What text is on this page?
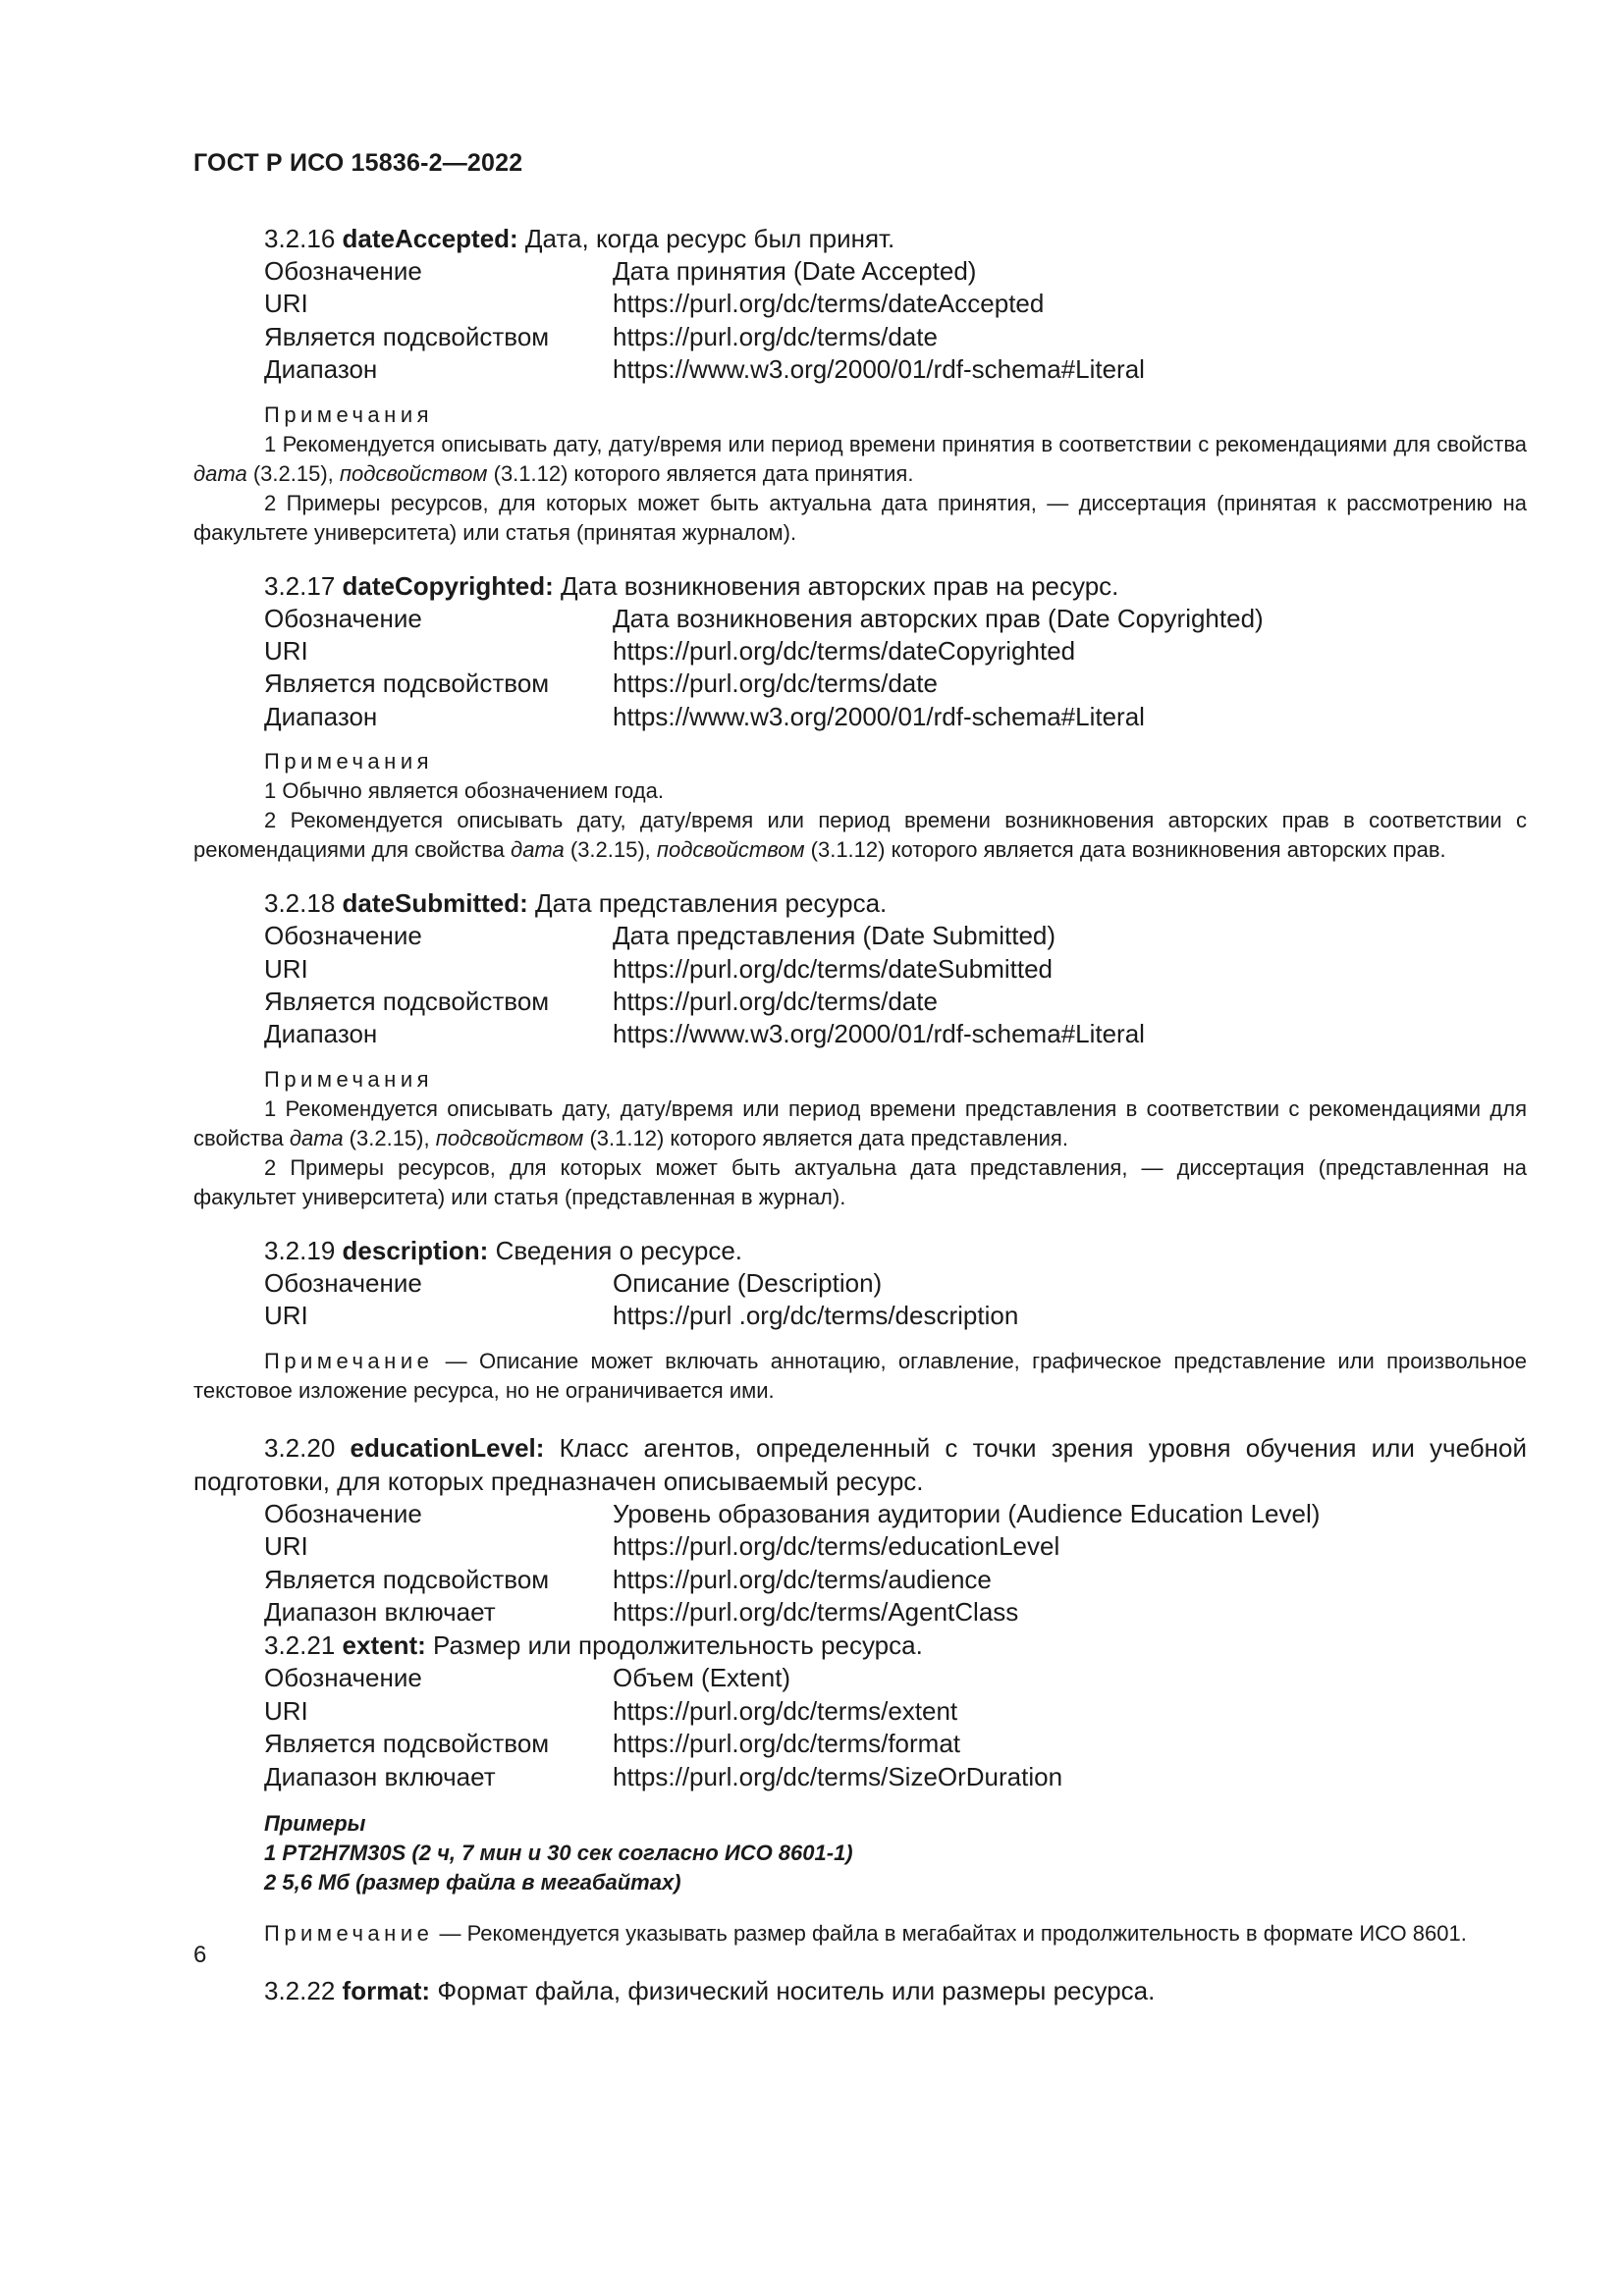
ГОСТ Р ИСО 15836-2—2022

3.2.16 dateAccepted: Дата, когда ресурс был принят.

Обозначение	Дата принятия (Date Accepted)
URI	https://purl.org/dc/terms/dateAccepted
Является подсвойством	https://purl.org/dc/terms/date
Диапазон	https://www.w3.org/2000/01/rdf-schema#Literal
Примечания

1 Рекомендуется описывать дату, дату/время или период времени принятия в соответствии с рекомендациями для свойства дата (3.2.15), подсвойством (3.1.12) которого является дата принятия.

2 Примеры ресурсов, для которых может быть актуальна дата принятия, — диссертация (принятая к рассмотрению на факультете университета) или статья (принятая журналом).

3.2.17 dateCopyrighted: Дата возникновения авторских прав на ресурс.

Обозначение	Дата возникновения авторских прав (Date Copyrighted)
URI	https://purl.org/dc/terms/dateCopyrighted
Является подсвойством	https://purl.org/dc/terms/date
Диапазон	https://www.w3.org/2000/01/rdf-schema#Literal
Примечания

1 Обычно является обозначением года.

2 Рекомендуется описывать дату, дату/время или период времени возникновения авторских прав в соответствии с рекомендациями для свойства дата (3.2.15), подсвойством (3.1.12) которого является дата возникновения авторских прав.

3.2.18 dateSubmitted: Дата представления ресурса.

Обозначение	Дата представления (Date Submitted)
URI	https://purl.org/dc/terms/dateSubmitted
Является подсвойством	https://purl.org/dc/terms/date
Диапазон	https://www.w3.org/2000/01/rdf-schema#Literal
Примечания

1 Рекомендуется описывать дату, дату/время или период времени представления в соответствии с рекомендациями для свойства дата (3.2.15), подсвойством (3.1.12) которого является дата представления.

2 Примеры ресурсов, для которых может быть актуальна дата представления, — диссертация (представленная на факультет университета) или статья (представленная в журнал).

3.2.19 description: Сведения о ресурсе.

Обозначение	Описание (Description)
URI	https://purl .org/dc/terms/description

Примечание — Описание может включать аннотацию, оглавление, графическое представление или произвольное текстовое изложение ресурса, но не ограничивается ими.

3.2.20 educationLevel: Класс агентов, определенный с точки зрения уровня обучения или учебной подготовки, для которых предназначен описываемый ресурс.

Обозначение	Уровень образования аудитории (Audience Education Level)
URI	https://purl.org/dc/terms/educationLevel
Является подсвойством	https://purl.org/dc/terms/audience
Диапазон включает	https://purl.org/dc/terms/AgentClass

3.2.21 extent: Размер или продолжительность ресурса.

Обозначение	Объем (Extent)
URI	https://purl.org/dc/terms/extent
Является подсвойством	https://purl.org/dc/terms/format
Диапазон включает	https://purl.org/dc/terms/SizeOrDuration
Примеры
1 PT2H7M30S (2 ч, 7 мин и 30 сек согласно ИСО 8601-1)
2 5,6 Мб (размер файла в мегабайтах)

Примечание — Рекомендуется указывать размер файла в мегабайтах и продолжительность в формате ИСО 8601.

3.2.22 format: Формат файла, физический носитель или размеры ресурса.

6
